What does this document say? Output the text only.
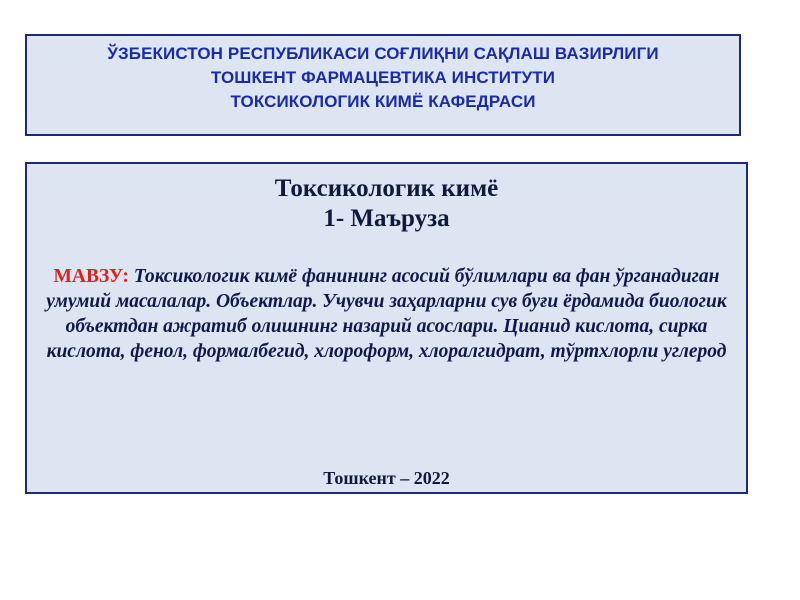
ЎЗБЕКИСТОН РЕСПУБЛИКАСИ СОҒЛИҚНИ САҚЛАШ ВАЗИРЛИГИ
ТОШКЕНТ ФАРМАЦЕВТИКА ИНСТИТУТИ
ТОКСИКОЛОГИК КИМЁ КАФЕДРАСИ
Токсикологик кимё
1- Маъруза
МАВЗУ: Токсикологик кимё фанининг асосий бўлимлари ва фан ўрганадиган умумий масалалар. Объектлар. Учувчи заҳарларни сув буғи ёрдамида биологик объектдан ажратиб олишнинг назарий асослари. Цианид кислота, сирка кислота, фенол, формалбегид, хлороформ, хлоралгидрат, тўртхлорли углерод
Тошкент – 2022
